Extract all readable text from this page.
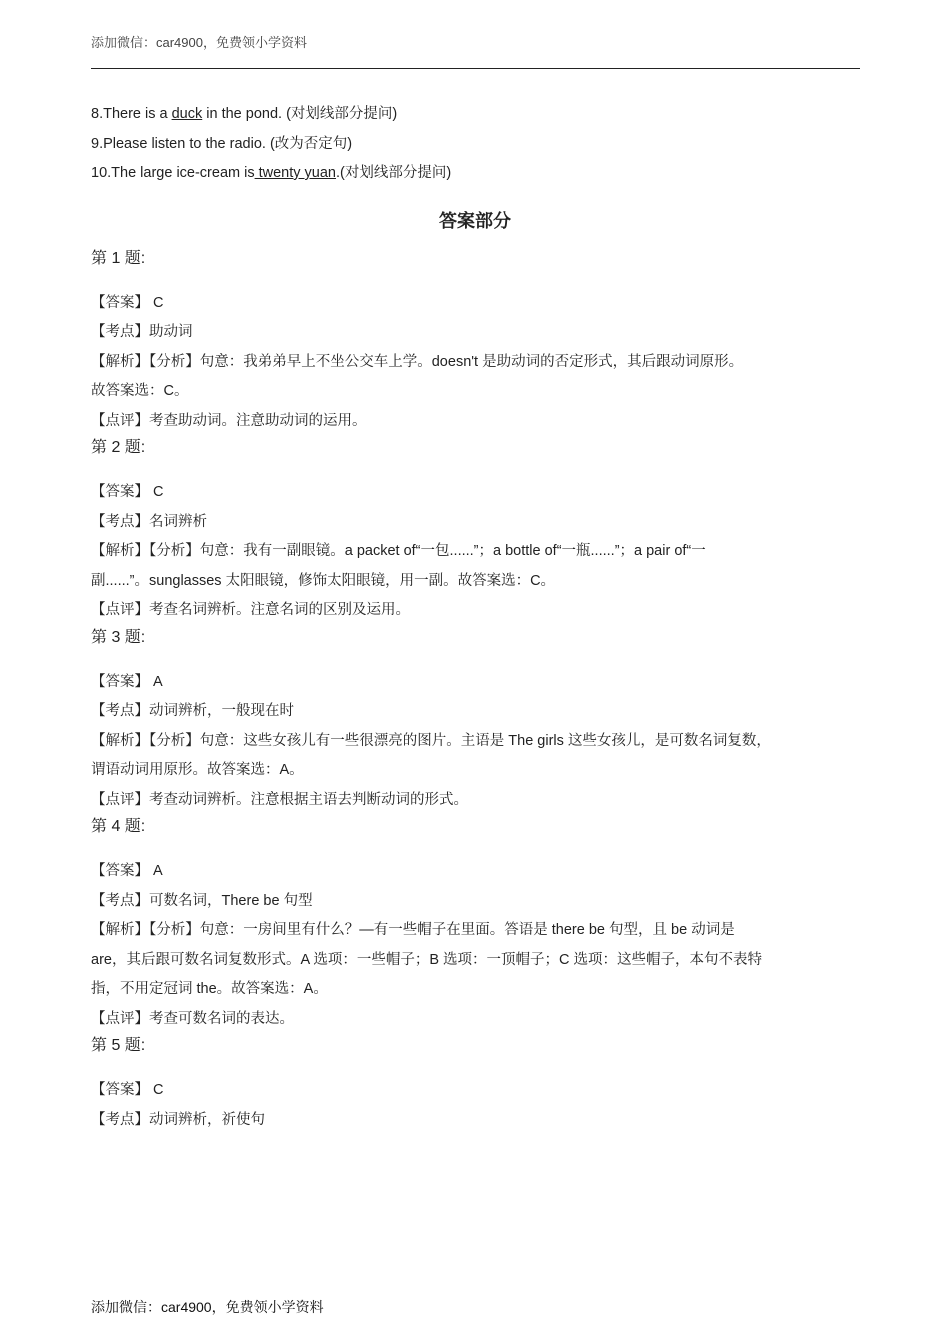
添加微信：car4900，免费领小学资料
8.There is a duck in the pond. (对划线部分提问)
9.Please listen to the radio. (改为否定句)
10.The large ice-cream is twenty yuan.(对划线部分提问)
答案部分
第 1 题:
【答案】 C
【考点】助动词
【解析】【分析】句意：我弟弟早上不坐公交车上学。doesn't 是助动词的否定形式，其后跟动词原形。
故答案选：C。
【点评】考查助动词。注意助动词的运用。
第 2 题:
【答案】 C
【考点】名词辨析
【解析】【分析】句意：我有一副眼镜。a packet of“一包......”；a bottle of“一瓶......”；a pair of“一
副......”。sunglasses 太阳眼镜，修饰太阳眼镜，用一副。故答案选：C。
【点评】考查名词辨析。注意名词的区别及运用。
第 3 题:
【答案】 A
【考点】动词辨析，一般现在时
【解析】【分析】句意：这些女孩儿有一些很漂亮的图片。主语是 The girls 这些女孩儿，是可数名词复数，
谓语动词用原形。故答案选：A。
【点评】考查动词辨析。注意根据主语去判断动词的形式。
第 4 题:
【答案】 A
【考点】可数名词，There be 句型
【解析】【分析】句意：一房间里有什么？—有一些帽子在里面。答语是 there be 句型，且 be 动词是
are，其后跟可数名词复数形式。A 选项：一些帽子；B 选项：一顶帽子；C 选项：这些帽子，本句不表特
指，不用定冠词 the。故答案选：A。
【点评】考查可数名词的表达。
第 5 题:
【答案】 C
【考点】动词辨析，祈使句
添加微信：car4900，免费领小学资料
